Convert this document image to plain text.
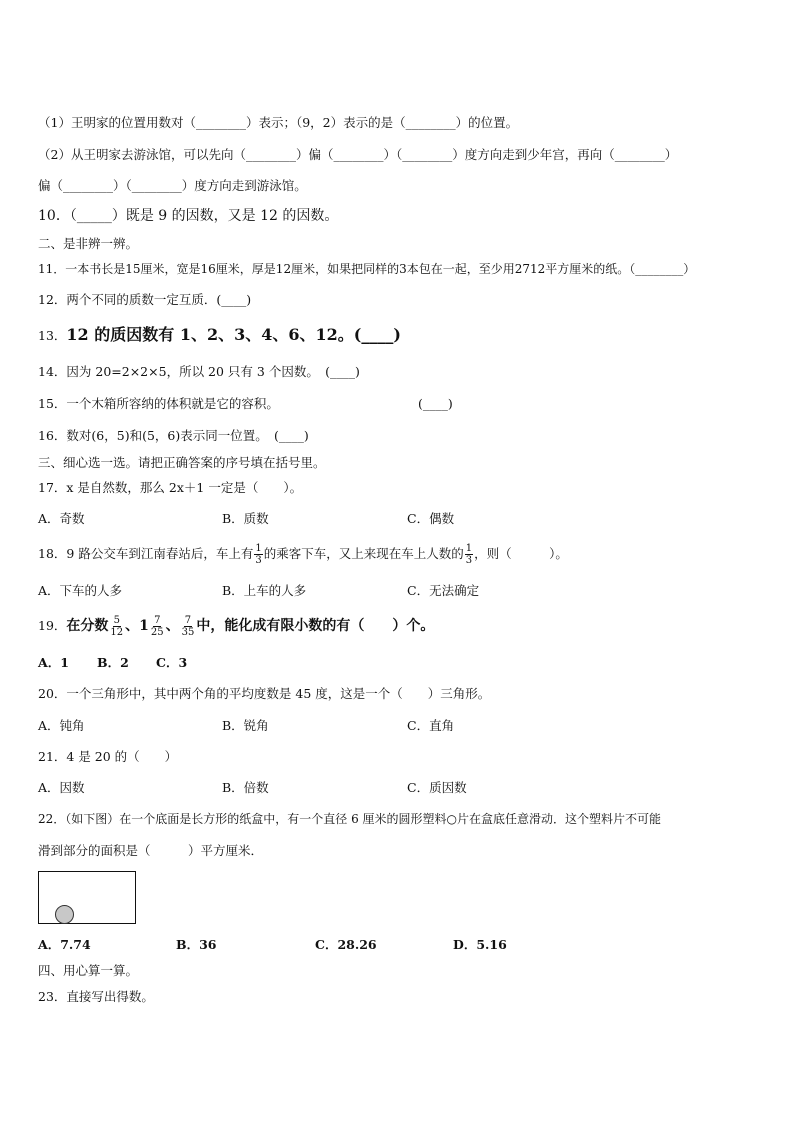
（1）王明家的位置用数对（________）表示；（9，2）表示的是（________）的位置。
（2）从王明家去游泳馆，可以先向（________）偏（________）（________）度方向走到少年宫，再向（________）
偏（________）（________）度方向走到游泳馆。
10．（_____）既是 9 的因数，又是 12 的因数。
二、是非辨一辨。
11．一本书长是15厘米，宽是16厘米，厚是12厘米，如果把同样的3本包在一起，至少用2712平方厘米的纸。（________）
12．两个不同的质数一定互质．(____)
13．12 的质因数有 1、2、3、4、6、12。(____)
14．因为 20=2×2×5，所以 20 只有 3 个因数。　(____)
15．一个木箱所容纳的体积就是它的容积。	(____)
16．数对(6，5)和(5，6)表示同一位置。　(____)
三、细心选一选。请把正确答案的序号填在括号里。
17．x 是自然数，那么 2x＋1 一定是（　　）。
A．奇数	B．质数	C．偶数
18．9 路公交车到江南春站后，车上有 $\frac{1}{3}$ 的乘客下车，又上来现在车上人数的 $\frac{1}{3}$ ，则（　　　）。
A．下车的人多	B．上车的人多	C．无法确定
19．在分数 $\frac{5}{12}$ 、$1 \frac{7}{25}$ 、 $\frac{7}{35}$ 中，能化成有限小数的有（　　）个。
A．1 B．2 C．3
20．一个三角形中，其中两个角的平均度数是 45 度，这是一个（　　）三角形。
A．钝角	B．锐角	C．直角
21．4 是 20 的（　　）
A．因数	B．倍数	C．质因数
22．（如下图）在一个底面是长方形的纸盒中，有一个直径 6 厘米的圆形塑料○片在盒底任意滑动．这个塑料片不可能
滑到部分的面积是（　　　）平方厘米．
A．7.74	B．36	C．28.26	D．5.16
四、用心算一算。
23．直接写出得数。
